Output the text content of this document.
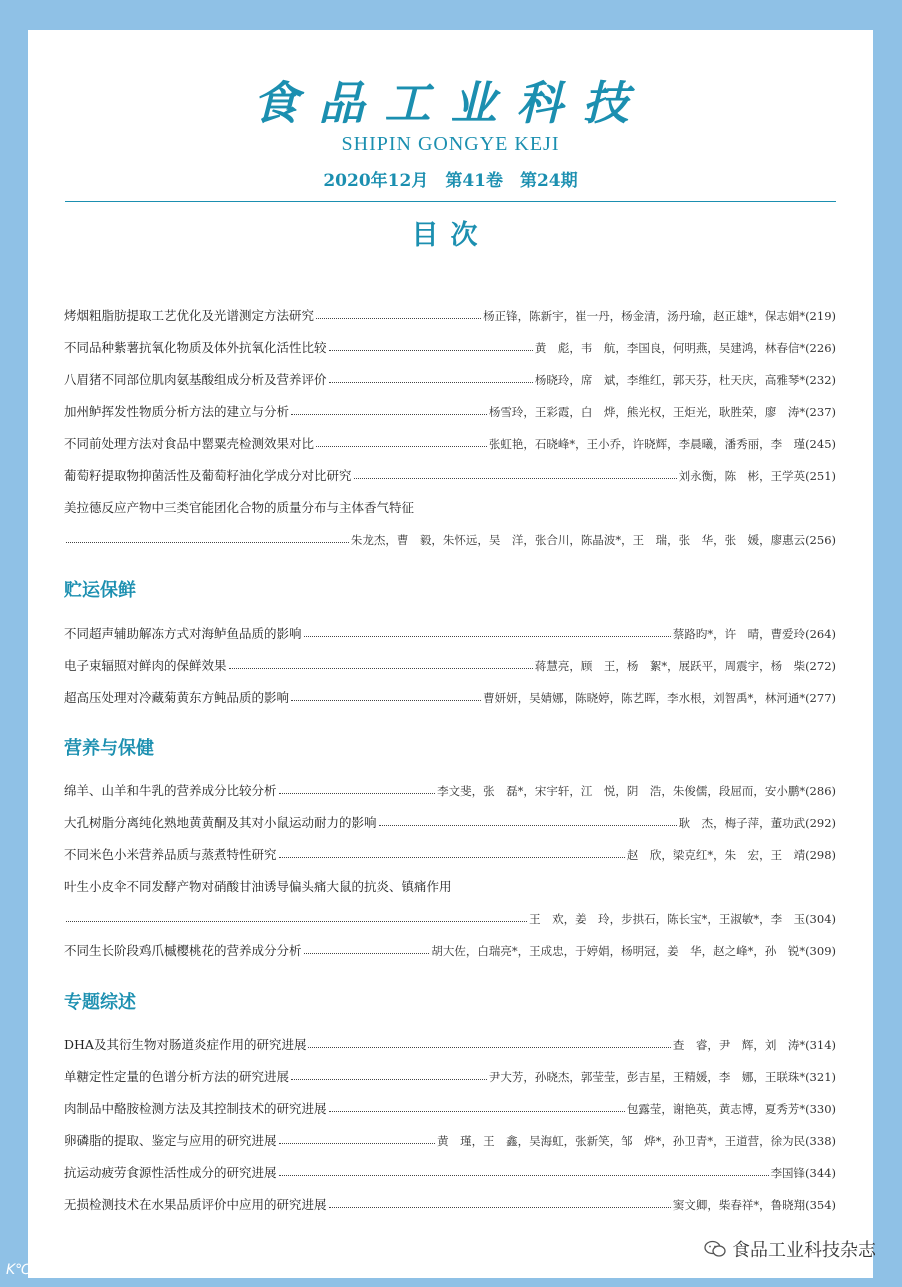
食品工业科技
SHIPIN GONGYE KEJI
2020年12月　第41卷　第24期
目次
烤烟粗脂肪提取工艺优化及光谱测定方法研究	杨正锋，陈新宇，崔一丹，杨金清，汤丹瑜，赵正雄*，保志娟*(219)
不同品种紫薯抗氧化物质及体外抗氧化活性比较	黄　彪，韦　航，李国良，何明燕，吴建鸿，林春信*(226)
八眉猪不同部位肌肉氨基酸组成分析及营养评价	杨晓玲，席　斌，李维红，郭天芬，杜天庆，高雅琴*(232)
加州鲈挥发性物质分析方法的建立与分析	杨雪玲，王彩霞，白　烨，熊光权，王炬光，耿胜荣，廖　涛*(237)
不同前处理方法对食品中罂粟壳检测效果对比	张虹艳，石晓峰*，王小乔，许晓辉，李晨曦，潘秀丽，李　瑾(245)
葡萄籽提取物抑菌活性及葡萄籽油化学成分对比研究	刘永衡，陈　彬，王学英(251)
美拉德反应产物中三类官能团化合物的质量分布与主体香气特征
朱龙杰，曹　毅，朱怀远，吴　洋，张合川，陈晶波*，王　瑞，张　华，张　媛，廖惠云(256)
贮运保鲜
不同超声辅助解冻方式对海鲈鱼品质的影响	蔡路昀*，许　晴，曹爱玲(264)
电子束辐照对鲜肉的保鲜效果	蒋慧亮，顾　王，杨　絮*，展跃平，周震宇，杨　柴(272)
超高压处理对冷藏菊黄东方鲀品质的影响	曹妍妍，吴婧娜，陈晓婷，陈艺晖，李水根，刘智禹*，林河通*(277)
营养与保健
绵羊、山羊和牛乳的营养成分比较分析	李文斐，张　磊*，宋宇轩，江　悦，阴　浩，朱俊儒，段屈而，安小鹏*(286)
大孔树脂分离纯化熟地黄黄酮及其对小鼠运动耐力的影响	耿　杰，梅子萍，董功武(292)
不同米色小米营养品质与蒸煮特性研究	赵　欣，梁克红*，朱　宏，王　靖(298)
叶生小皮伞不同发酵产物对硝酸甘油诱导偏头痛大鼠的抗炎、镇痛作用
王　欢，姜　玲，步拱石，陈长宝*，王淑敏*，李　玉(304)
不同生长阶段鸡爪槭樱桃花的营养成分分析	胡大佐，白瑞亮*，王成忠，于婷娟，杨明冠，姜　华，赵之峰*，孙　锐*(309)
专题综述
DHA及其衍生物对肠道炎症作用的研究进展	查　睿，尹　辉，刘　涛*(314)
单糖定性定量的色谱分析方法的研究进展	尹大芳，孙晓杰，郭莹莹，彭吉星，王精媛，李　娜，王联珠*(321)
肉制品中酪胺检测方法及其控制技术的研究进展	包露莹，谢艳英，黄志博，夏秀芳*(330)
卵磷脂的提取、鉴定与应用的研究进展	黄　瑾，王　鑫，吴海虹，张新笑，邹　烨*，孙卫青*，王道营，徐为民(338)
抗运动疲劳食源性活性成分的研究进展	李国锋(344)
无损检测技术在水果品质评价中应用的研究进展	窦文卿，柴春祥*，鲁晓翔(354)
K℃ 大数跨境
食品工业科技杂志
